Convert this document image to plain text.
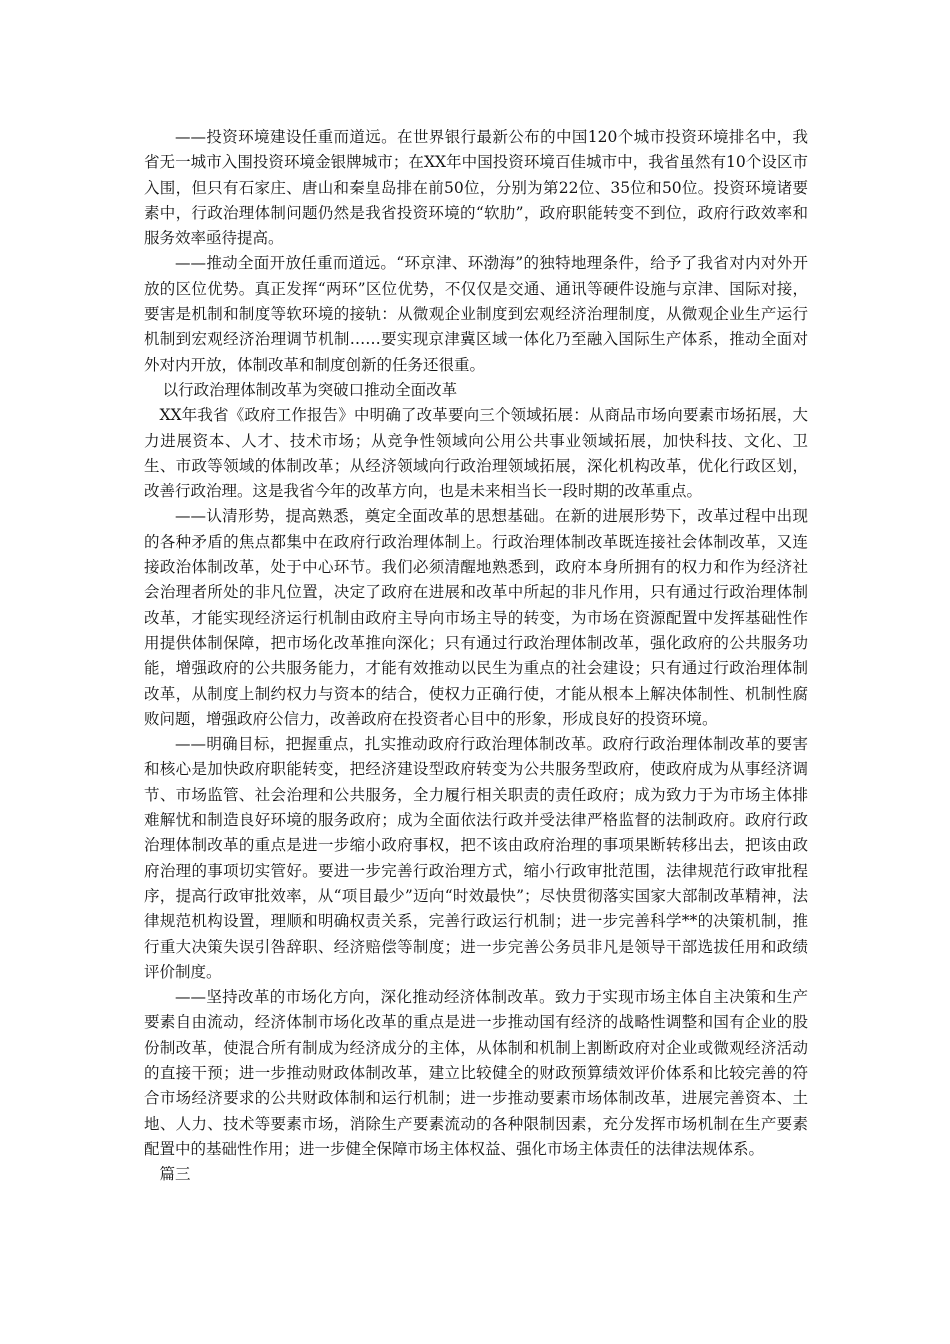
——投资环境建设任重而道远。在世界银行最新公布的中国120个城市投资环境排名中，我省无一城市入围投资环境金银牌城市；在XX年中国投资环境百佳城市中，我省虽然有10个设区市入围，但只有石家庄、唐山和秦皇岛排在前50位，分别为第22位、35位和50位。投资环境诸要素中，行政治理体制问题仍然是我省投资环境的“软肋”，政府职能转变不到位，政府行政效率和服务效率亟待提高。

——推动全面开放任重而道远。“环京津、环渤海”的独特地理条件，给予了我省对内对外开放的区位优势。真正发挥“两环”区位优势，不仅仅是交通、通讯等硬件设施与京津、国际对接，要害是机制和制度等软环境的接轨：从微观企业制度到宏观经济治理制度，从微观企业生产运行机制到宏观经济治理调节机制……要实现京津冀区域一体化乃至融入国际生产体系，推动全面对外对内开放，体制改革和制度创新的任务还很重。

以行政治理体制改革为突破口推动全面改革

XX年我省《政府工作报告》中明确了改革要向三个领域拓展：从商品市场向要素市场拓展，大力进展资本、人才、技术市场；从竞争性领域向公用公共事业领域拓展，加快科技、文化、卫生、市政等领域的体制改革；从经济领域向行政治理领域拓展，深化机构改革，优化行政区划，改善行政治理。这是我省今年的改革方向，也是未来相当长一段时期的改革重点。

——认清形势，提高熟悉，奠定全面改革的思想基础。在新的进展形势下，改革过程中出现的各种矛盾的焦点都集中在政府行政治理体制上。行政治理体制改革既连接社会体制改革，又连接政治体制改革，处于中心环节。我们必须清醒地熟悉到，政府本身所拥有的权力和作为经济社会治理者所处的非凡位置，决定了政府在进展和改革中所起的非凡作用，只有通过行政治理体制改革，才能实现经济运行机制由政府主导向市场主导的转变，为市场在资源配置中发挥基础性作用提供体制保障，把市场化改革推向深化；只有通过行政治理体制改革，强化政府的公共服务功能，增强政府的公共服务能力，才能有效推动以民生为重点的社会建设；只有通过行政治理体制改革，从制度上制约权力与资本的结合，使权力正确行使，才能从根本上解决体制性、机制性腐败问题，增强政府公信力，改善政府在投资者心目中的形象，形成良好的投资环境。

——明确目标，把握重点，扎实推动政府行政治理体制改革。政府行政治理体制改革的要害和核心是加快政府职能转变，把经济建设型政府转变为公共服务型政府，使政府成为从事经济调节、市场监管、社会治理和公共服务，全力履行相关职责的责任政府；成为致力于为市场主体排难解忧和制造良好环境的服务政府；成为全面依法行政并受法律严格监督的法制政府。政府行政治理体制改革的重点是进一步缩小政府事权，把不该由政府治理的事项果断转移出去，把该由政府治理的事项切实管好。要进一步完善行政治理方式，缩小行政审批范围，法律规范行政审批程序，提高行政审批效率，从“项目最少”迈向“时效最快”；尽快贯彻落实国家大部制改革精神，法律规范机构设置，理顺和明确权责关系，完善行政运行机制；进一步完善科学**的决策机制，推行重大决策失误引咎辞职、经济赔偿等制度；进一步完善公务员非凡是领导干部选拔任用和政绩评价制度。

——坚持改革的市场化方向，深化推动经济体制改革。致力于实现市场主体自主决策和生产要素自由流动，经济体制市场化改革的重点是进一步推动国有经济的战略性调整和国有企业的股份制改革，使混合所有制成为经济成分的主体，从体制和机制上割断政府对企业或微观经济活动的直接干预；进一步推动财政体制改革，建立比较健全的财政预算绩效评价体系和比较完善的符合市场经济要求的公共财政体制和运行机制；进一步推动要素市场体制改革，进展完善资本、土地、人力、技术等要素市场，消除生产要素流动的各种限制因素，充分发挥市场机制在生产要素配置中的基础性作用；进一步健全保障市场主体权益、强化市场主体责任的法律法规体系。

篇三
